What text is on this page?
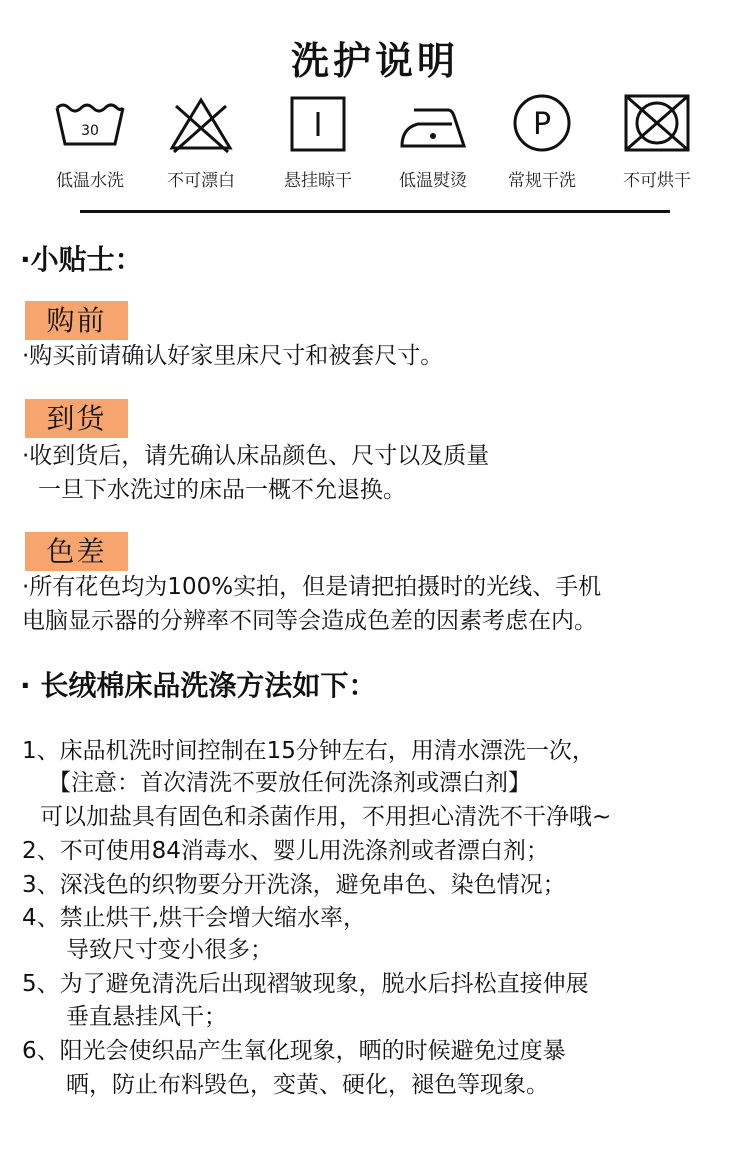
洗护说明
30	P
低温水洗	不可漂白	悬挂晾干	低温熨烫	常规干洗	不可烘干
·小贴士：
购前
·购买前请确认好家里床尺寸和被套尺寸。
到货
·收到货后，请先确认床品颜色、尺寸以及质量
一旦下水洗过的床品一概不允退换。
色差
·所有花色均为100%实拍，但是请把拍摄时的光线、手机
电脑显示器的分辨率不同等会造成色差的因素考虑在内。
· 长绒棉床品洗涤方法如下：
1、床品机洗时间控制在15分钟左右，用清水漂洗一次，
【注意：首次清洗不要放任何洗涤剂或漂白剂】
可以加盐具有固色和杀菌作用，不用担心清洗不干净哦~
2、不可使用84消毒水、婴儿用洗涤剂或者漂白剂；
3、深浅色的织物要分开洗涤，避免串色、染色情况；
4、禁止烘干,烘干会增大缩水率，
导致尺寸变小很多；
5、为了避免清洗后出现褶皱现象，脱水后抖松直接伸展
垂直悬挂风干；
6、阳光会使织品产生氧化现象，晒的时候避免过度暴
晒，防止布料毁色，变黄、硬化，褪色等现象。
